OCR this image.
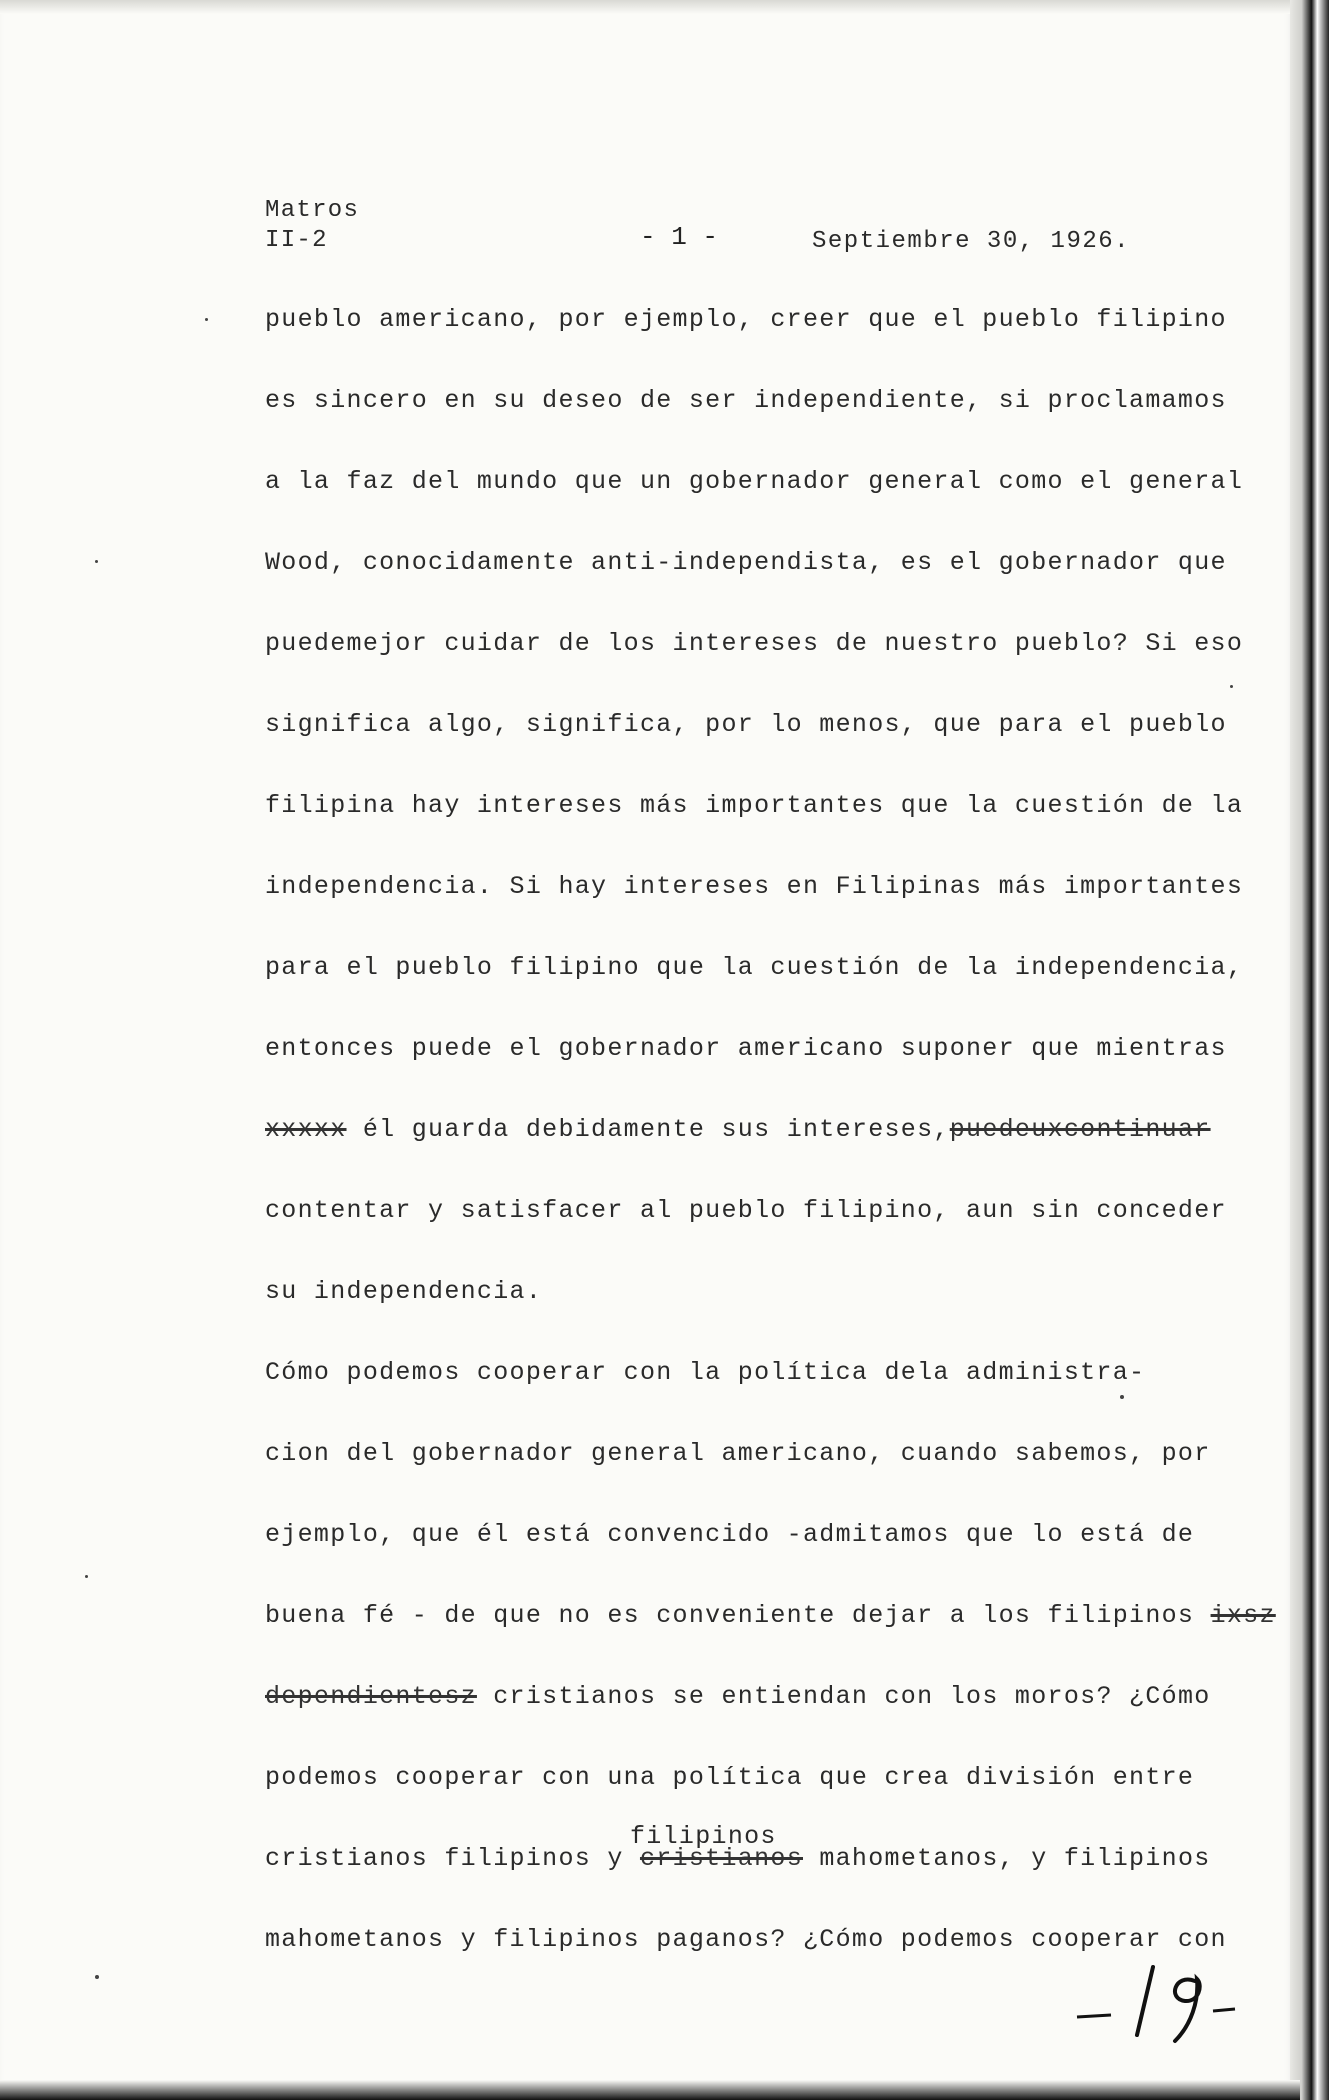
Matros
II-2	- 1 -	Septiembre 30, 1926.
pueblo americano, por ejemplo, creer que el pueblo filipino
es sincero en su deseo de ser independiente, si proclamamos
a la faz del mundo que un gobernador general como el general
Wood, conocidamente anti-independista, es el gobernador que
puedemejor cuidar de los intereses de nuestro pueblo? Si eso
significa algo, significa, por lo menos, que para el pueblo
filipina hay intereses más importantes que la cuestión de la
independencia. Si hay intereses en Filipinas más importantes
para el pueblo filipino que la cuestión de la independencia,
entonces puede el gobernador americano suponer que mientras
xxxxx él guarda debidamente sus intereses,puedeuxcontinuar
contentar y satisfacer al pueblo filipino, aun sin conceder
su independencia.
Cómo podemos cooperar con la política dela administra-
cion del gobernador general americano, cuando sabemos, por
ejemplo, que él está convencido -admitamos que lo está de
buena fé - de que no es conveniente dejar a los filipinos ixsz
dependientesz cristianos se entiendan con los moros? ¿Cómo
podemos cooperar con una política que crea división entre
filipinos
cristianos filipinos y cristianos mahometanos, y filipinos
mahometanos y filipinos paganos? ¿Cómo podemos cooperar con
